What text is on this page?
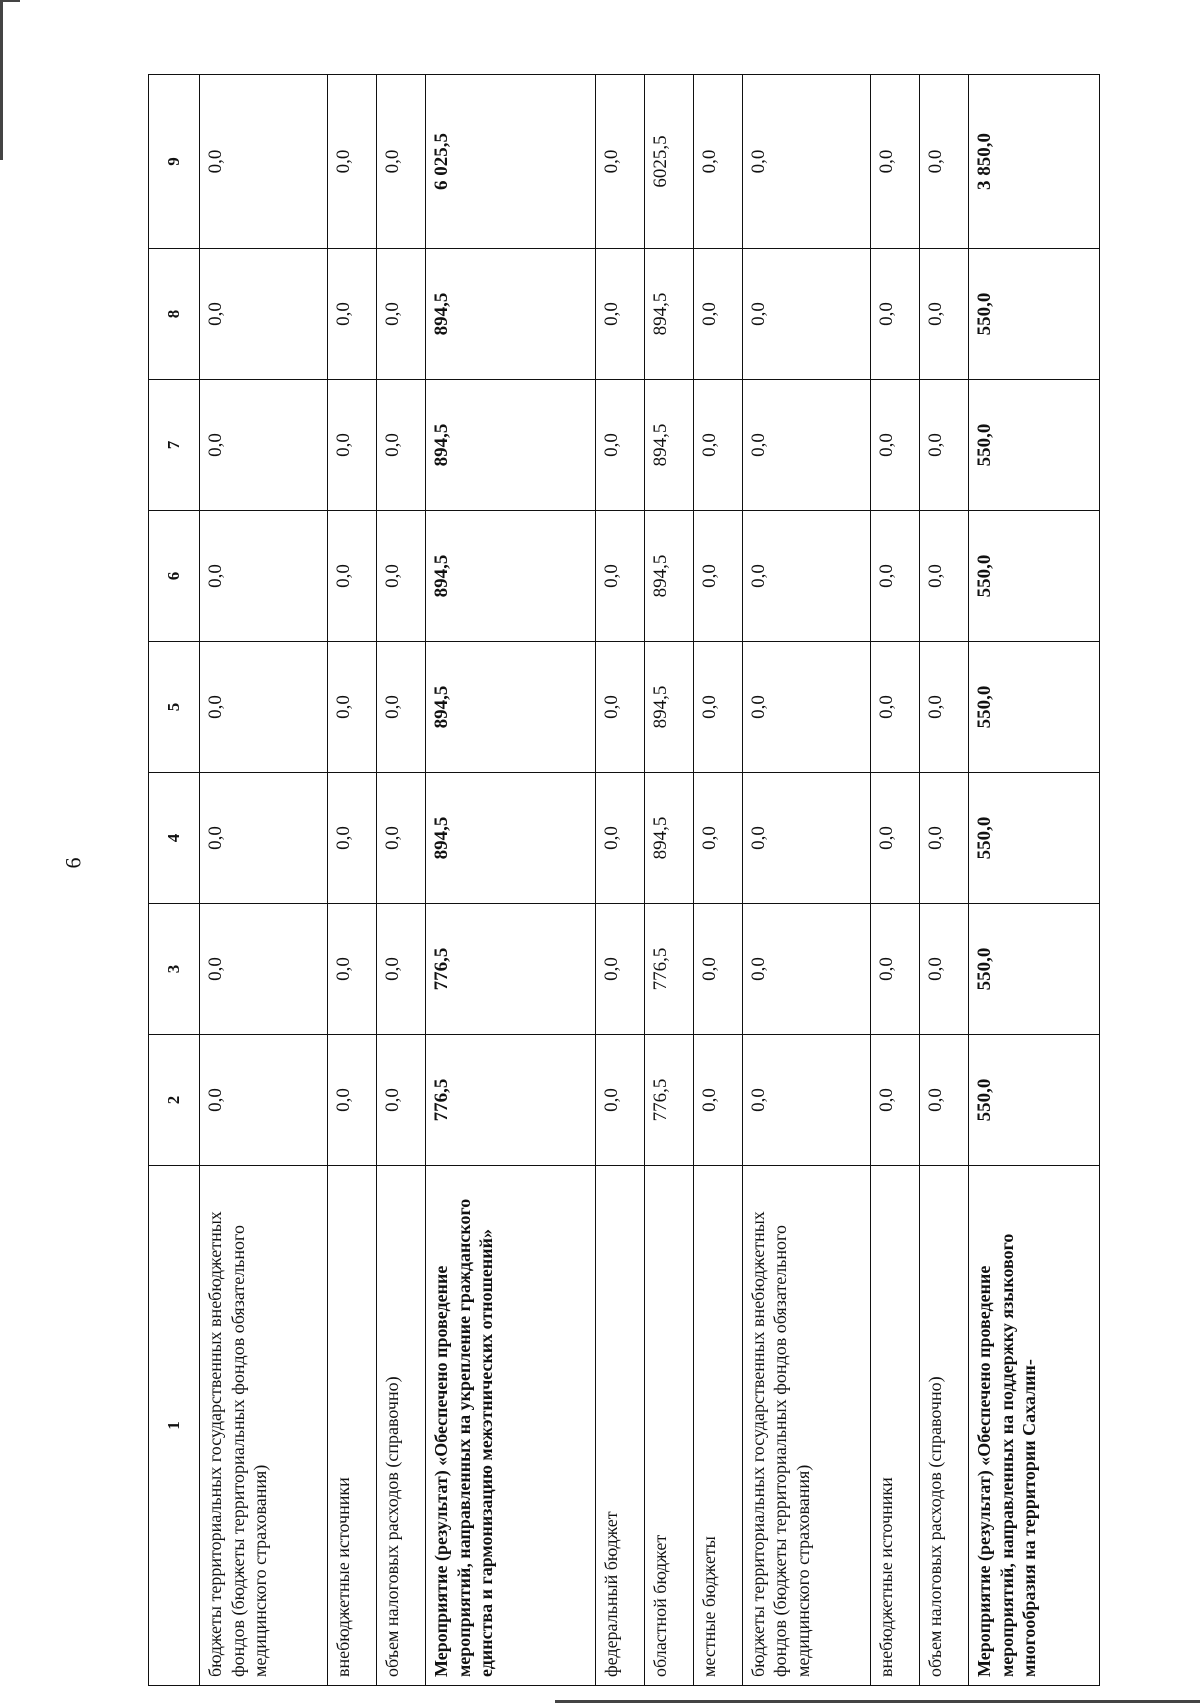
6
1	2	3	4	5	6	7	8	9
бюджеты территориальных государственных внебюджетных фондов (бюджеты территориальных фондов обязательного медицинского страхования)	0,0	0,0	0,0	0,0	0,0	0,0	0,0	0,0
внебюджетные источники	0,0	0,0	0,0	0,0	0,0	0,0	0,0	0,0
объем налоговых расходов (справочно)	0,0	0,0	0,0	0,0	0,0	0,0	0,0	0,0
Мероприятие (результат) «Обеспечено проведение мероприятий, направленных на укрепление гражданского единства и гармонизацию межэтнических отношений»	776,5	776,5	894,5	894,5	894,5	894,5	894,5	6 025,5
федеральный бюджет	0,0	0,0	0,0	0,0	0,0	0,0	0,0	0,0
областной бюджет	776,5	776,5	894,5	894,5	894,5	894,5	894,5	6025,5
местные бюджеты	0,0	0,0	0,0	0,0	0,0	0,0	0,0	0,0
бюджеты территориальных государственных внебюджетных фондов (бюджеты территориальных фондов обязательного медицинского страхования)	0,0	0,0	0,0	0,0	0,0	0,0	0,0	0,0
внебюджетные источники	0,0	0,0	0,0	0,0	0,0	0,0	0,0	0,0
объем налоговых расходов (справочно)	0,0	0,0	0,0	0,0	0,0	0,0	0,0	0,0
Мероприятие (результат) «Обеспечено проведение мероприятий, направленных на поддержку языкового многообразия на территории Сахалин-	550,0	550,0	550,0	550,0	550,0	550,0	550,0	3 850,0
